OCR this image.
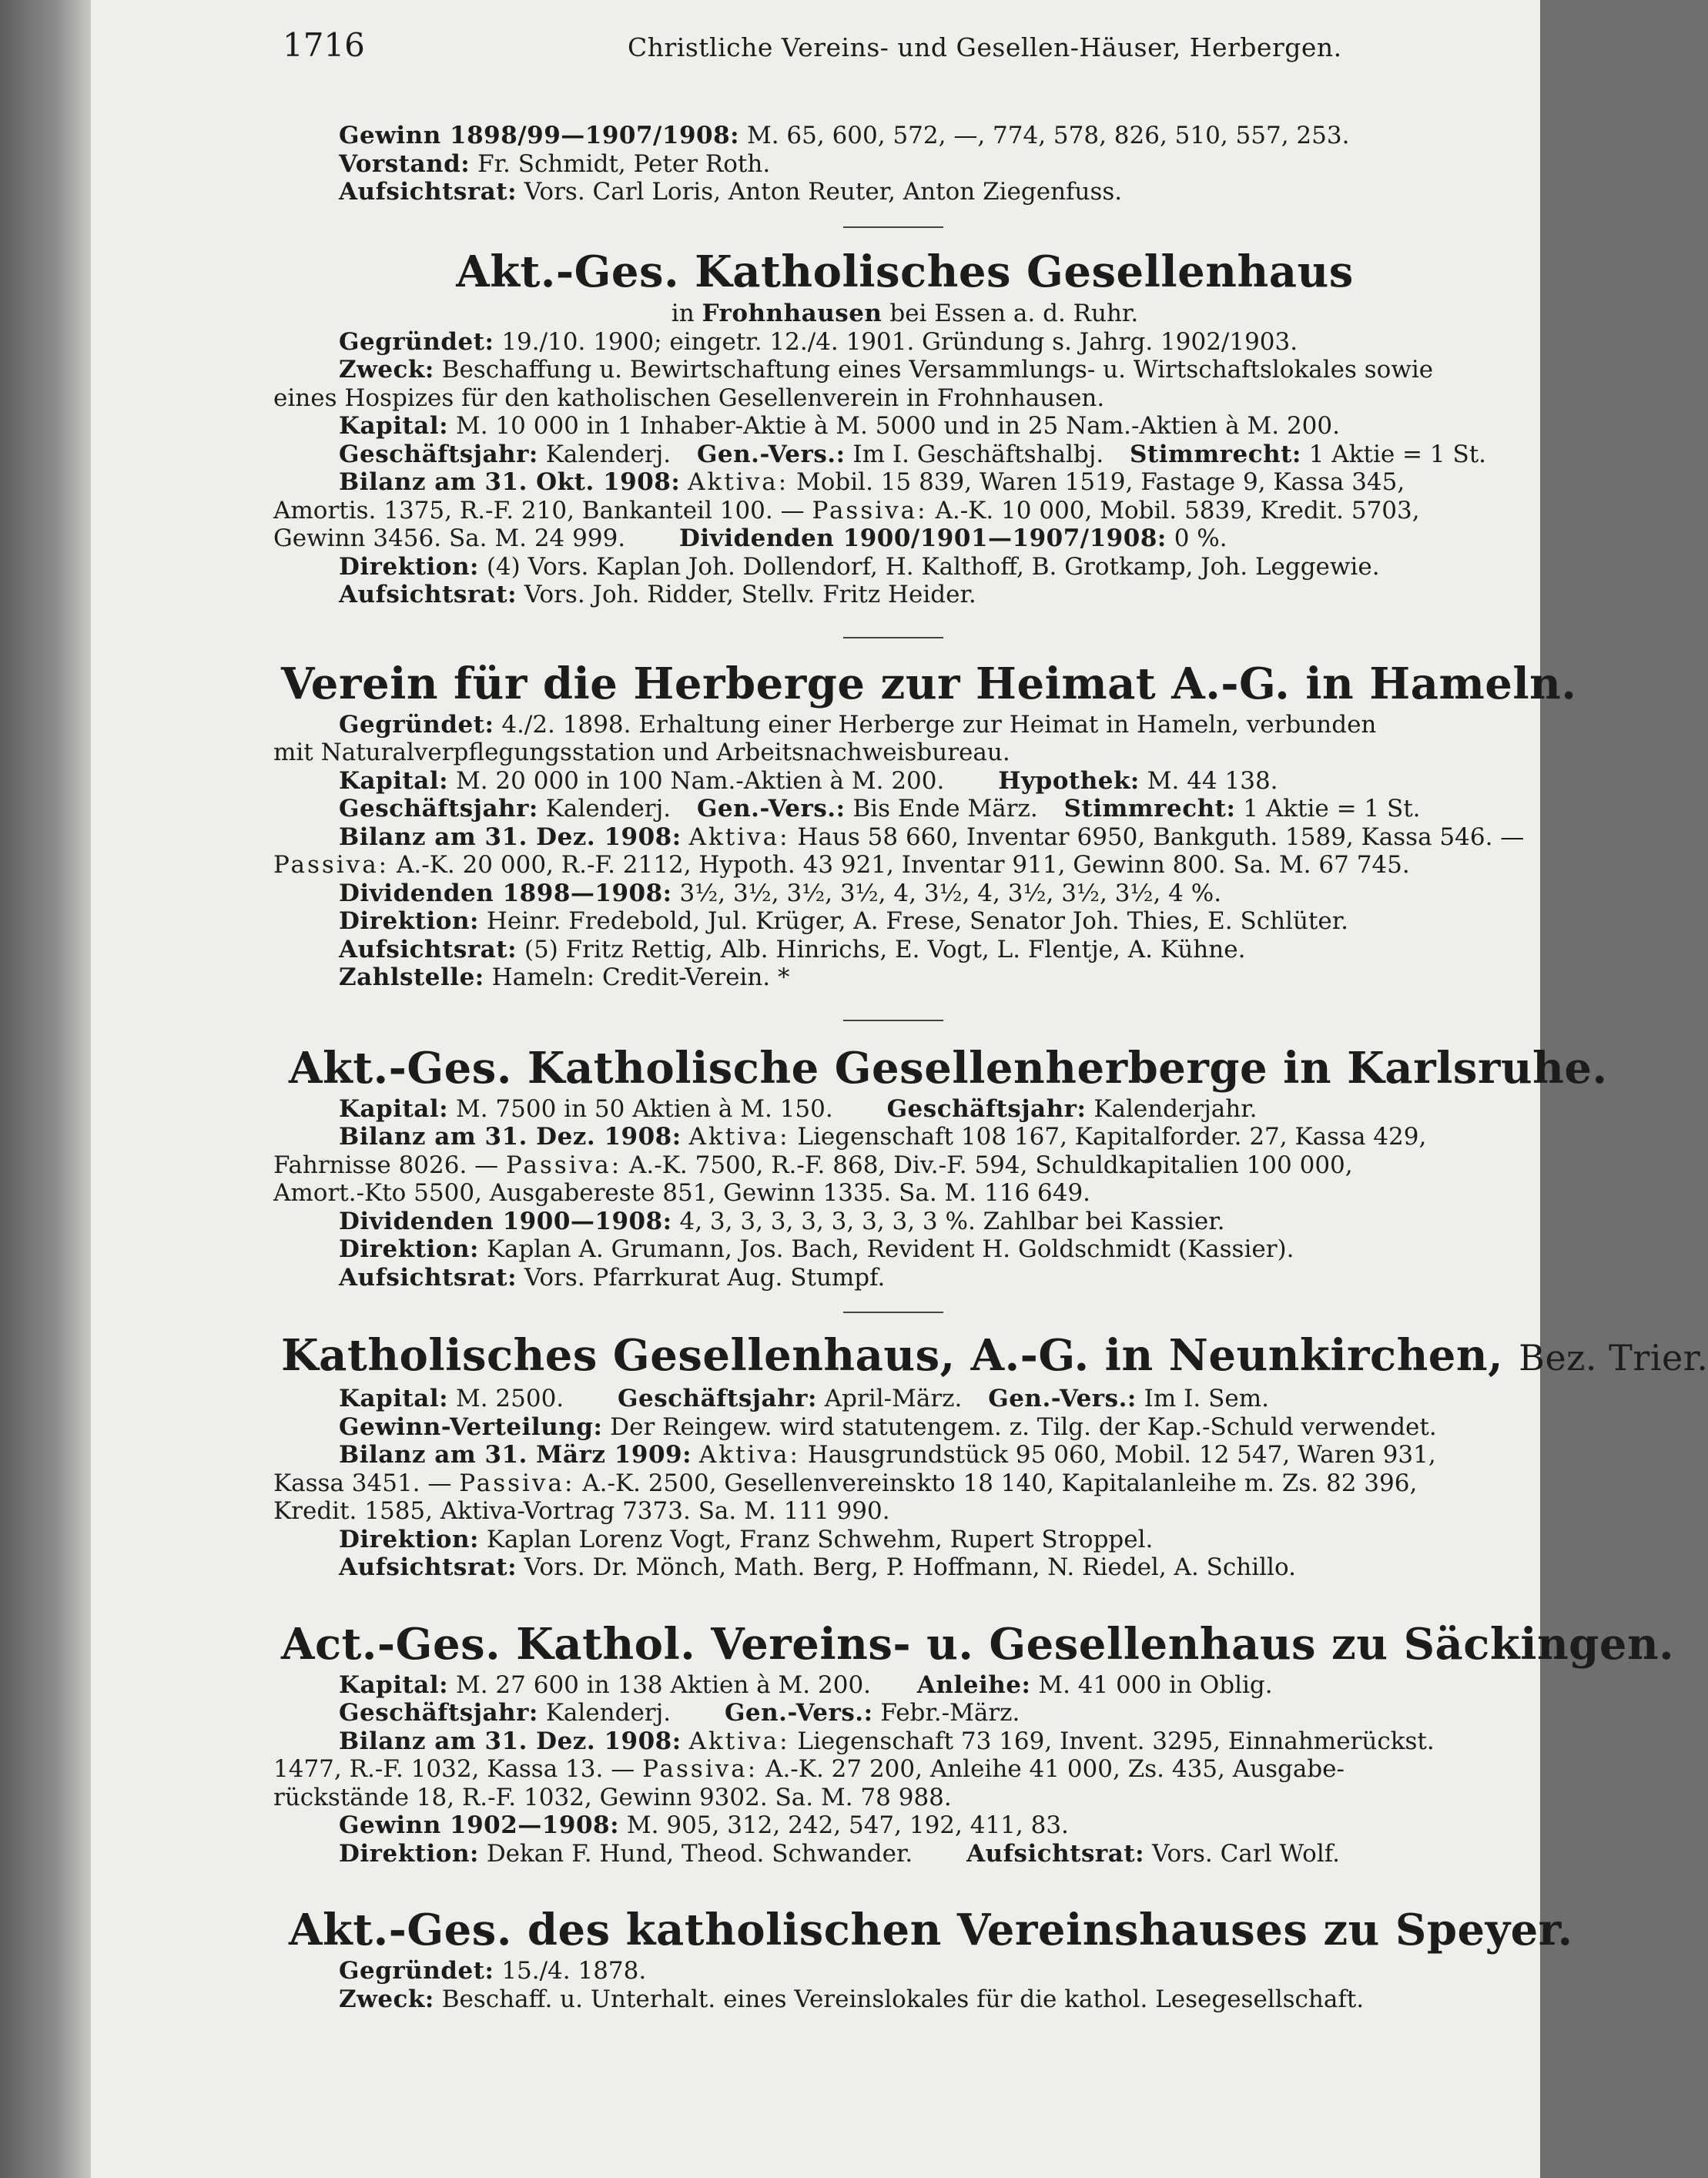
1716	Christliche Vereins- und Gesellen-Häuser, Herbergen.
Gewinn 1898/99—1907/1908: M. 65, 600, 572, —, 774, 578, 826, 510, 557, 253.
Vorstand: Fr. Schmidt, Peter Roth.
Aufsichtsrat: Vors. Carl Loris, Anton Reuter, Anton Ziegenfuss.
Akt.-Ges. Katholisches Gesellenhaus
in Frohnhausen bei Essen a. d. Ruhr.
Gegründet: 19./10. 1900; eingetr. 12./4. 1901. Gründung s. Jahrg. 1902/1903.
Zweck: Beschaffung u. Bewirtschaftung eines Versammlungs- u. Wirtschaftslokales sowie
eines Hospizes für den katholischen Gesellenverein in Frohnhausen.
Kapital: M. 10 000 in 1 Inhaber-Aktie à M. 5000 und in 25 Nam.-Aktien à M. 200.
Geschäftsjahr: Kalenderj. Gen.-Vers.: Im I. Geschäftshalbj. Stimmrecht: 1 Aktie = 1 St.
Bilanz am 31. Okt. 1908: Aktiva: Mobil. 15 839, Waren 1519, Fastage 9, Kassa 345,
Amortis. 1375, R.-F. 210, Bankanteil 100. — Passiva: A.-K. 10 000, Mobil. 5839, Kredit. 5703,
Gewinn 3456. Sa. M. 24 999. Dividenden 1900/1901—1907/1908: 0 %.
Direktion: (4) Vors. Kaplan Joh. Dollendorf, H. Kalthoff, B. Grotkamp, Joh. Leggewie.
Aufsichtsrat: Vors. Joh. Ridder, Stellv. Fritz Heider.
Verein für die Herberge zur Heimat A.-G. in Hameln.
Gegründet: 4./2. 1898. Erhaltung einer Herberge zur Heimat in Hameln, verbunden
mit Naturalverpflegungsstation und Arbeitsnachweisbureau.
Kapital: M. 20 000 in 100 Nam.-Aktien à M. 200. Hypothek: M. 44 138.
Geschäftsjahr: Kalenderj. Gen.-Vers.: Bis Ende März. Stimmrecht: 1 Aktie = 1 St.
Bilanz am 31. Dez. 1908: Aktiva: Haus 58 660, Inventar 6950, Bankguth. 1589, Kassa 546. —
Passiva: A.-K. 20 000, R.-F. 2112, Hypoth. 43 921, Inventar 911, Gewinn 800. Sa. M. 67 745.
Dividenden 1898—1908: 3½, 3½, 3½, 3½, 4, 3½, 4, 3½, 3½, 3½, 4 %.
Direktion: Heinr. Fredebold, Jul. Krüger, A. Frese, Senator Joh. Thies, E. Schlüter.
Aufsichtsrat: (5) Fritz Rettig, Alb. Hinrichs, E. Vogt, L. Flentje, A. Kühne.
Zahlstelle: Hameln: Credit-Verein. *
Akt.-Ges. Katholische Gesellenherberge in Karlsruhe.
Kapital: M. 7500 in 50 Aktien à M. 150. Geschäftsjahr: Kalenderjahr.
Bilanz am 31. Dez. 1908: Aktiva: Liegenschaft 108 167, Kapitalforder. 27, Kassa 429,
Fahrnisse 8026. — Passiva: A.-K. 7500, R.-F. 868, Div.-F. 594, Schuldkapitalien 100 000,
Amort.-Kto 5500, Ausgabereste 851, Gewinn 1335. Sa. M. 116 649.
Dividenden 1900—1908: 4, 3, 3, 3, 3, 3, 3, 3, 3 %. Zahlbar bei Kassier.
Direktion: Kaplan A. Grumann, Jos. Bach, Revident H. Goldschmidt (Kassier).
Aufsichtsrat: Vors. Pfarrkurat Aug. Stumpf.
Katholisches Gesellenhaus, A.-G. in Neunkirchen, Bez. Trier.
Kapital: M. 2500. Geschäftsjahr: April-März. Gen.-Vers.: Im I. Sem.
Gewinn-Verteilung: Der Reingew. wird statutengem. z. Tilg. der Kap.-Schuld verwendet.
Bilanz am 31. März 1909: Aktiva: Hausgrundstück 95 060, Mobil. 12 547, Waren 931,
Kassa 3451. — Passiva: A.-K. 2500, Gesellenvereinskto 18 140, Kapitalanleihe m. Zs. 82 396,
Kredit. 1585, Aktiva-Vortrag 7373. Sa. M. 111 990.
Direktion: Kaplan Lorenz Vogt, Franz Schwehm, Rupert Stroppel.
Aufsichtsrat: Vors. Dr. Mönch, Math. Berg, P. Hoffmann, N. Riedel, A. Schillo.
Act.-Ges. Kathol. Vereins- u. Gesellenhaus zu Säckingen.
Kapital: M. 27 600 in 138 Aktien à M. 200. Anleihe: M. 41 000 in Oblig.
Geschäftsjahr: Kalenderj. Gen.-Vers.: Febr.-März.
Bilanz am 31. Dez. 1908: Aktiva: Liegenschaft 73 169, Invent. 3295, Einnahmerückst.
1477, R.-F. 1032, Kassa 13. — Passiva: A.-K. 27 200, Anleihe 41 000, Zs. 435, Ausgabe-
rückstände 18, R.-F. 1032, Gewinn 9302. Sa. M. 78 988.
Gewinn 1902—1908: M. 905, 312, 242, 547, 192, 411, 83.
Direktion: Dekan F. Hund, Theod. Schwander. Aufsichtsrat: Vors. Carl Wolf.
Akt.-Ges. des katholischen Vereinshauses zu Speyer.
Gegründet: 15./4. 1878.
Zweck: Beschaff. u. Unterhalt. eines Vereinslokales für die kathol. Lesegesellschaft.
